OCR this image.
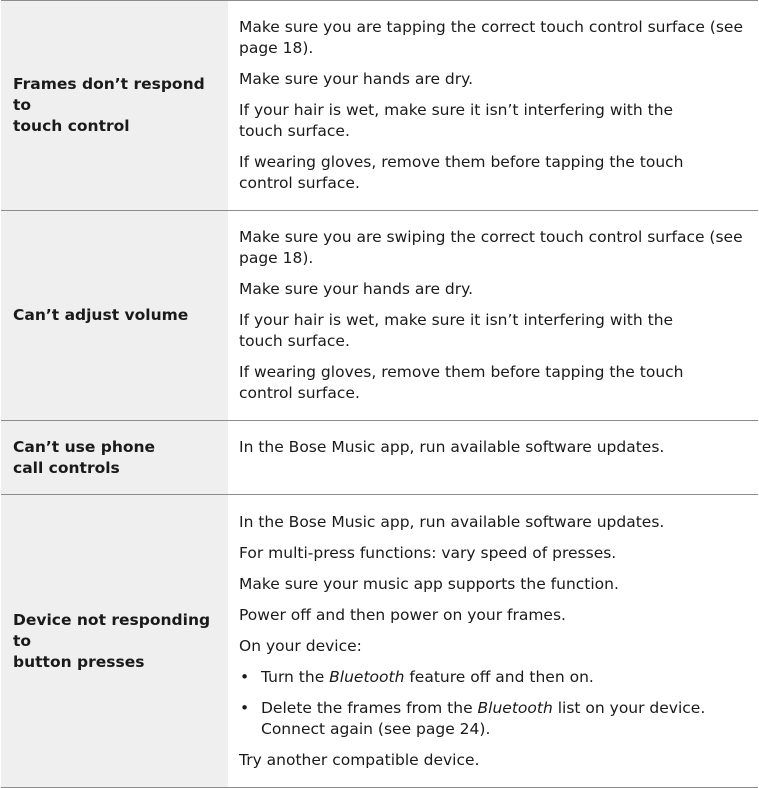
Frames don’t respond to
touch control

Make sure you are tapping the correct touch control surface (see
page 18).

Make sure your hands are dry.

If your hair is wet, make sure it isn’t interfering with the
touch surface.

If wearing gloves, remove them before tapping the touch
control surface.

Can’t adjust volume

Make sure you are swiping the correct touch control surface (see
page 18).

Make sure your hands are dry.

If your hair is wet, make sure it isn’t interfering with the
touch surface.

If wearing gloves, remove them before tapping the touch
control surface.

Can’t use phone
call controls

In the Bose Music app, run available software updates.

Device not responding to
button presses

In the Bose Music app, run available software updates.

For multi-press functions: vary speed of presses.

Make sure your music app supports the function.

Power off and then power on your frames.

On your device:

• Turn the Bluetooth feature off and then on.
• Delete the frames from the Bluetooth list on your device.
Connect again (see page 24).

Try another compatible device.
